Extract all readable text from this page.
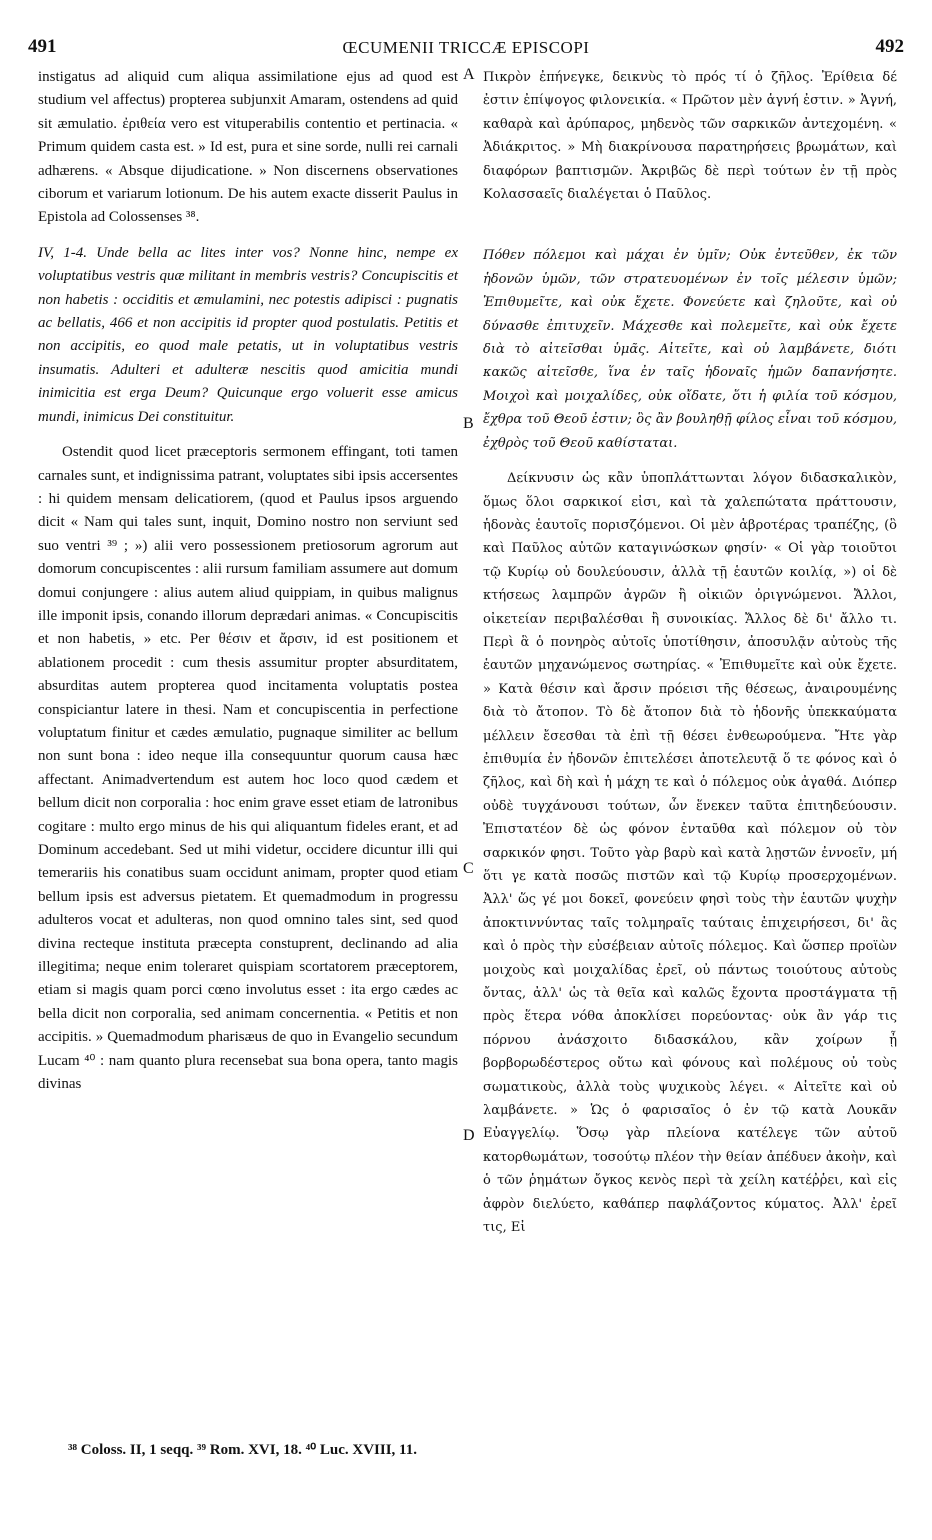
491	ŒCUMENII TRICCÆ EPISCOPI	492

instigatus ad aliquid cum aliqua assimilatione ejus ad quod est studium vel affectus) propterea subjunxit Amaram, ostendens ad quid sit æmulatio. ἐριθεία vero est vituperabilis contentio et pertinacia. « Primum quidem casta est. » Id est, pura et sine sorde, nulli rei carnali adhærens. « Absque dijudicatione. » Non discernens observationes ciborum et variarum lotionum. De his autem exacte disserit Paulus in Epistola ad Colossenses ³⁸.

IV, 1-4. Unde bella ac lites inter vos? Nonne hinc, nempe ex voluptatibus vestris quæ militant in membris vestris? Concupiscitis et non habetis : occiditis et æmulamini, nec potestis adipisci : pugnatis ac bellatis, 466 et non accipitis id propter quod postulatis. Petitis et non accipitis, eo quod male petatis, ut in voluptatibus vestris insumatis. Adulteri et adulteræ nescitis quod amicitia mundi inimicitia est erga Deum? Quicunque ergo voluerit esse amicus mundi, inimicus Dei constituitur.

Ostendit quod licet præceptoris sermonem effingant, toti tamen carnales sunt, et indignissima patrant, voluptates sibi ipsis accersentes : hi quidem mensam delicatiorem, (quod et Paulus ipsos arguendo dicit « Nam qui tales sunt, inquit, Domino nostro non serviunt sed suo ventri ³⁹ ; ») alii vero possessionem pretiosorum agrorum aut domorum concupiscentes : alii rursum familiam assumere aut domum domui conjungere : alius autem aliud quippiam, in quibus malignus ille imponit ipsis, conando illorum deprædari animas. « Concupiscitis et non habetis, » etc. Per θέσιν et ἄρσιν, id est positionem et ablationem procedit : cum thesis assumitur propter absurditatem, absurditas autem propterea quod incitamenta voluptatis postea conspiciantur latere in thesi. Nam et concupiscentia in perfectione voluptatum finitur et cædes æmulatio, pugnaque similiter ac bellum non sunt bona : ideo neque illa consequuntur quorum causa hæc affectant. Animadvertendum est autem hoc loco quod cædem et bellum dicit non corporalia : hoc enim grave esset etiam de latronibus cogitare : multo ergo minus de his qui aliquantum fideles erant, et ad Dominum accedebant. Sed ut mihi videtur, occidere dicuntur illi qui temerariis his conatibus suam occidunt animam, propter quod etiam bellum ipsis est adversus pietatem. Et quemadmodum in progressu adulteros vocat et adulteras, non quod omnino tales sint, sed quod divina recteque instituta præcepta constuprent, declinando ad alia illegitima; neque enim toleraret quispiam scortatorem præceptorem, etiam si magis quam porci cœno involutus esset : ita ergo cædes ac bella dicit non corporalia, sed animam concernentia. « Petitis et non accipitis. » Quemadmodum pharisæus de quo in Evangelio secundum Lucam ⁴⁰ : nam quanto plura recensebat sua bona opera, tanto magis divinas

A
B
C
D

Πικρὸν ἐπήνεγκε, δεικνὺς τὸ πρός τί ὁ ζῆλος. Ἐρίθεια δέ ἐστιν ἐπίψογος φιλονεικία. « Πρῶτον μὲν ἁγνή ἐστιν. » Ἁγνή, καθαρὰ καὶ ἀρύπαρος, μηδενὸς τῶν σαρκικῶν ἀντεχομένη. « Ἀδιάκριτος. » Μὴ διακρίνουσα παρατηρήσεις βρωμάτων, καὶ διαφόρων βαπτισμῶν. Ἀκριβῶς δὲ περὶ τούτων ἐν τῇ πρὸς Κολασσαεῖς διαλέγεται ὁ Παῦλος.

Πόθεν πόλεμοι καὶ μάχαι ἐν ὑμῖν; Οὐκ ἐντεῦθεν, ἐκ τῶν ἡδονῶν ὑμῶν, τῶν στρατευομένων ἐν τοῖς μέλεσιν ὑμῶν; Ἐπιθυμεῖτε, καὶ οὐκ ἔχετε. Φονεύετε καὶ ζηλοῦτε, καὶ οὐ δύνασθε ἐπιτυχεῖν. Μάχεσθε καὶ πολεμεῖτε, καὶ οὐκ ἔχετε διὰ τὸ αἰτεῖσθαι ὑμᾶς. Αἰτεῖτε, καὶ οὐ λαμβάνετε, διότι κακῶς αἰτεῖσθε, ἵνα ἐν ταῖς ἡδοναῖς ἡμῶν δαπανήσητε. Μοιχοὶ καὶ μοιχαλίδες, οὐκ οἴδατε, ὅτι ἡ φιλία τοῦ κόσμου, ἔχθρα τοῦ Θεοῦ ἐστιν; ὃς ἂν βουληθῇ φίλος εἶναι τοῦ κόσμου, ἐχθρὸς τοῦ Θεοῦ καθίσταται.

Δείκνυσιν ὡς κἂν ὑποπλάττωνται λόγον διδασκαλικὸν, ὅμως ὅλοι σαρκικοί εἰσι, καὶ τὰ χαλεπώτατα πράττουσιν, ἡδονὰς ἑαυτοῖς πορισζόμενοι. Οἱ μὲν ἁβροτέρας τραπέζης, (ὃ καὶ Παῦλος αὐτῶν καταγινώσκων φησίν· « Οἱ γὰρ τοιοῦτοι τῷ Κυρίῳ οὐ δουλεύουσιν, ἀλλὰ τῇ ἑαυτῶν κοιλίᾳ, ») οἱ δὲ κτήσεως λαμπρῶν ἀγρῶν ἢ οἰκιῶν ὀριγνώμενοι. Ἄλλοι, οἰκετείαν περιβαλέσθαι ἢ συνοικίας. Ἄλλος δὲ δι' ἄλλο τι. Περὶ ἃ ὁ πονηρὸς αὐτοῖς ὑποτίθησιν, ἀποσυλᾷν αὐτοὺς τῆς ἑαυτῶν μηχανώμενος σωτηρίας. « Ἐπιθυμεῖτε καὶ οὐκ ἔχετε. » Κατὰ θέσιν καὶ ἄρσιν πρόεισι τῆς θέσεως, ἀναιρουμένης διὰ τὸ ἄτοπον. Τὸ δὲ ἄτοπον διὰ τὸ ἡδονῆς ὑπεκκαύματα μέλλειν ἔσεσθαι τὰ ἐπὶ τῇ θέσει ἐνθεωρούμενα. Ἤτε γὰρ ἐπιθυμία ἐν ἡδονῶν ἐπιτελέσει ἀποτελευτᾷ ὅ τε φόνος καὶ ὁ ζῆλος, καὶ δὴ καὶ ἡ μάχη τε καὶ ὁ πόλεμος οὐκ ἀγαθά. Διόπερ οὐδὲ τυγχάνουσι τούτων, ὧν ἕνεκεν ταῦτα ἐπιτηδεύουσιν. Ἐπιστατέον δὲ ὡς φόνον ἐνταῦθα καὶ πόλεμον οὐ τὸν σαρκικόν φησι. Τοῦτο γὰρ βαρὺ καὶ κατὰ λῃστῶν ἐννοεῖν, μή ὅτι γε κατὰ ποσῶς πιστῶν καὶ τῷ Κυρίῳ προσερχομένων. Ἀλλ' ὥς γέ μοι δοκεῖ, φονεύειν φησὶ τοὺς τὴν ἑαυτῶν ψυχὴν ἀποκτιννύντας ταῖς τολμηραῖς ταύταις ἐπιχειρήσεσι, δι' ἃς καὶ ὁ πρὸς τὴν εὐσέβειαν αὐτοῖς πόλεμος. Καὶ ὥσπερ προϊὼν μοιχοὺς καὶ μοιχαλίδας ἐρεῖ, οὐ πάντως τοιούτους αὐτοὺς ὄντας, ἀλλ' ὡς τὰ θεῖα καὶ καλῶς ἔχοντα προστάγματα τῇ πρὸς ἕτερα νόθα ἀποκλίσει πορεύοντας· οὐκ ἂν γάρ τις πόρνου ἀνάσχοιτο διδασκάλου, κἂν χοίρων ᾖ βορβορωδέστερος οὕτω καὶ φόνους καὶ πολέμους οὐ τοὺς σωματικοὺς, ἀλλὰ τοὺς ψυχικοὺς λέγει. « Αἰτεῖτε καὶ οὐ λαμβάνετε. » Ὡς ὁ φαρισαῖος ὁ ἐν τῷ κατὰ Λουκᾶν Εὐαγγελίῳ. Ὅσῳ γὰρ πλείονα κατέλεγε τῶν αὐτοῦ κατορθωμάτων, τοσούτῳ πλέον τὴν θείαν ἀπέδυεν ἀκοὴν, καὶ ὁ τῶν ῥημάτων ὄγκος κενὸς περὶ τὰ χείλη κατέῤῥει, καὶ εἰς ἀφρὸν διελύετο, καθάπερ παφλάζοντος κύματος. Ἀλλ' ἐρεῖ τις, Εἰ

³⁸ Coloss. II, 1 seqq. ³⁹ Rom. XVI, 18. ⁴⁰ Luc. XVIII, 11.
